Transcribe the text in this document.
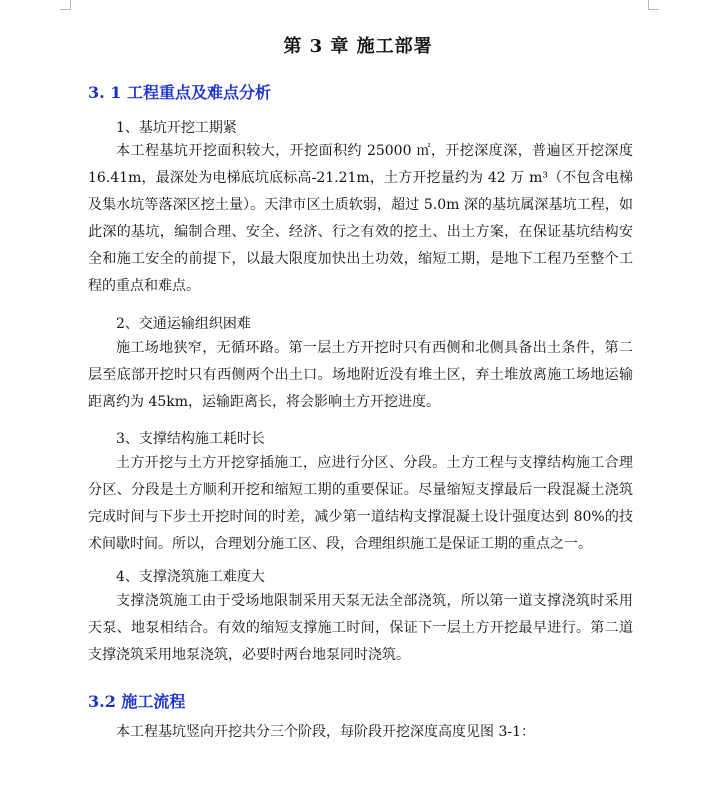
第 3 章 施工部署
3. 1 工程重点及难点分析
1、基坑开挖工期紧

本工程基坑开挖面积较大，开挖面积约 25000 ㎡，开挖深度深，普遍区开挖深度 16.41m，最深处为电梯底坑底标高-21.21m，土方开挖量约为 42 万 m³（不包含电梯及集水坑等落深区挖土量）。天津市区土质软弱，超过 5.0m 深的基坑属深基坑工程，如此深的基坑，编制合理、安全、经济、行之有效的挖土、出土方案，在保证基坑结构安全和施工安全的前提下，以最大限度加快出土功效，缩短工期，是地下工程乃至整个工程的重点和难点。

2、交通运输组织困难

施工场地狭窄，无循环路。第一层土方开挖时只有西侧和北侧具备出土条件，第二层至底部开挖时只有西侧两个出土口。场地附近没有堆土区，弃土堆放离施工场地运输距离约为 45km，运输距离长，将会影响土方开挖进度。

3、支撑结构施工耗时长

土方开挖与土方开挖穿插施工，应进行分区、分段。土方工程与支撑结构施工合理分区、分段是土方顺利开挖和缩短工期的重要保证。尽量缩短支撑最后一段混凝土浇筑完成时间与下步土开挖时间的时差，减少第一道结构支撑混凝土设计强度达到 80%的技术间歇时间。所以，合理划分施工区、段，合理组织施工是保证工期的重点之一。

4、支撑浇筑施工难度大

支撑浇筑施工由于受场地限制采用天泵无法全部浇筑，所以第一道支撑浇筑时采用天泵、地泵相结合。有效的缩短支撑施工时间，保证下一层土方开挖最早进行。第二道支撑浇筑采用地泵浇筑，必要时两台地泵同时浇筑。

3.2 施工流程

本工程基坑竖向开挖共分三个阶段，每阶段开挖深度高度见图 3-1：
